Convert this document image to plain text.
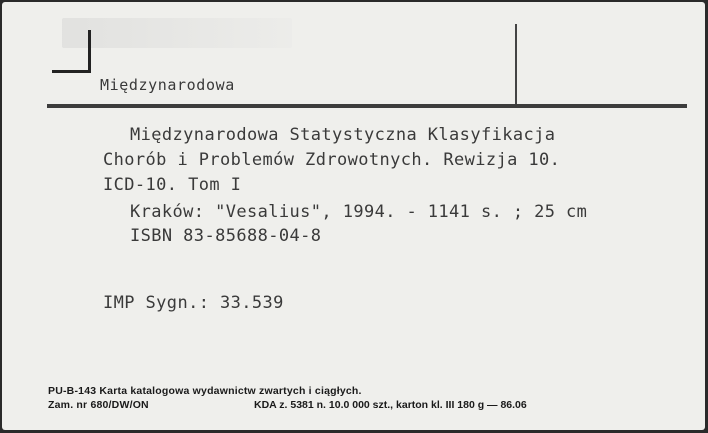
Międzynarodowa
Międzynarodowa Statystyczna Klasyfikacja
Chorób i Problemów Zdrowotnych. Rewizja 10.
ICD-10. Tom I
Kraków: "Vesalius", 1994. - 1141 s. ; 25 cm
ISBN 83-85688-04-8
IMP Sygn.: 33.539
PU-B-143 Karta katalogowa wydawnictw zwartych i ciągłych.
Zam. nr 680/DW/ON	KDA z. 5381 n. 10.0 000 szt., karton kl. III 180 g — 86.06
